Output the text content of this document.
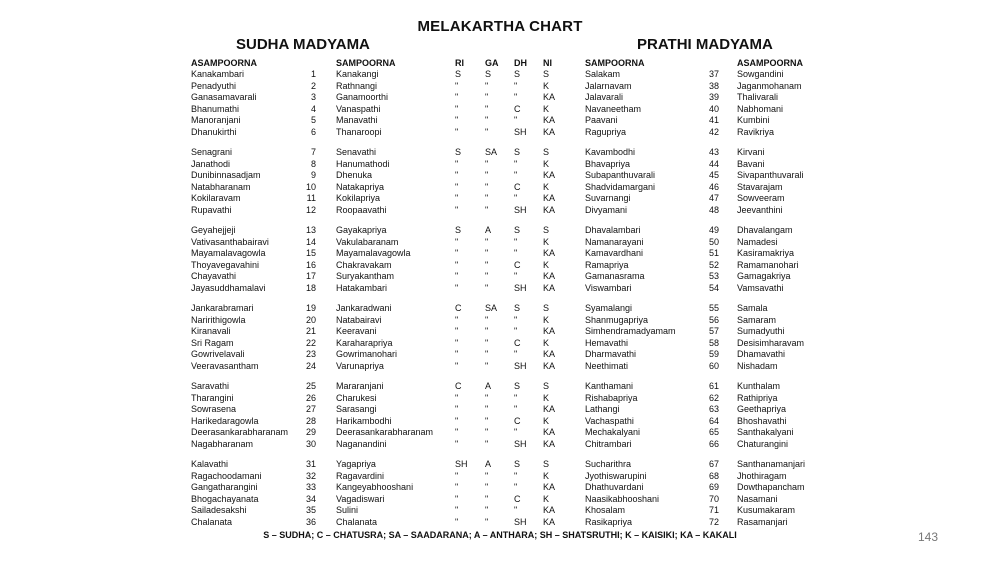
MELAKARTHA CHART
SUDHA MADYAMA	PRATHI MADYAMA
ASAMPOORNA	SAMPOORNA	RI GA DH NI	SAMPOORNA	ASAMPOORNA
Kanakambari	1 Kanakangi	S	S	S	S	Salakam	37 Sowgandini
Penadyuthi	2 Rathnangi	"	"	"	K	Jalarnavam	38 Jaganmohanam
Ganasamavarali	3 Ganamoorthi	"	"	"	KA	Jalavarali	39 Thalivarali
Bhanumathi	4 Vanaspathi	"	"	C	K	Navaneetham	40 Nabhomani
Manoranjani	5 Manavathi	"	"	"	KA	Paavani	41 Kumbini
Dhanukirthi	6 Thanaroopi	"	"	SH KA	Ragupriya	42 Ravikriya
Senagrani	7 Senavathi	S	SA S	S	Kavambodhi	43 Kirvani
Janathodi	8 Hanumathodi	"	"	"	K	Bhavapriya	44 Bavani
Dunibinnasadjam	9 Dhenuka	"	"	"	KA	Subapanthuvarali	45 Sivapanthuvarali
Natabharanam	10 Natakapriya	"	"	C	K	Shadvidamargani	46 Stavarajam
Kokilaravam	11 Kokilapriya	"	"	"	KA	Suvarnangi	47 Sowveeram
Rupavathi	12 Roopaavathi	"	"	SH KA	Divyamani	48 Jeevanthini
Geyahejjeji	13 Gayakapriya	S	A	S	S	Dhavalambari	49 Dhavalangam
Vativasanthabairavi	14 Vakulabaranam	"	"	"	K	Namanarayani	50 Namadesi
Mayamalavagowla	15 Mayamalavagowla	"	"	"	KA	Kamavardhani	51 Kasiramakriya
Thoyavegavahini	16 Chakravakam	"	"	C	K	Ramapriya	52 Ramamanohari
Chayavathi	17 Suryakantham	"	"	"	KA	Gamanasrama	53 Gamagakriya
Jayasuddhamalavi	18 Hatakambari	"	"	SH KA	Viswambari	54 Vamsavathi
Jankarabramari	19 Jankaradwani	C	SA S	S	Syamalangi	55 Samala
Naririthigowla	20 Natabairavi	"	"	"	K	Shanmugapriya	56 Samaram
Kiranavali	21 Keeravani	"	"	"	KA	Simhendramadyamam	57 Sumadyuthi
Sri Ragam	22 Karaharapriya	"	"	C	K	Hemavathi	58 Desisimharavam
Gowrivelavali	23 Gowrimanohari	"	"	"	KA	Dharmavathi	59 Dhamavathi
Veeravasantham	24 Varunapriya	"	"	SH KA	Neethimati	60 Nishadam
Saravathi	25 Mararanjani	C	A	S	S	Kanthamani	61 Kunthalam
Tharangini	26 Charukesi	"	"	"	K	Rishabapriya	62 Rathipriya
Sowrasena	27 Sarasangi	"	"	"	KA	Lathangi	63 Geethapriya
Harikedaragowla	28 Harikambodhi	"	"	C	K	Vachaspathi	64 Bhoshavathi
Deerasankarabharanam	29 Deerasankarabharanam "	"	"	KA	Mechakalyani	65 Santhakalyani
Nagabharanam	30 Naganandini	"	"	SH KA	Chitrambari	66 Chaturangini
Kalavathi	31 Yagapriya	SH A	S	S	Sucharithra	67 Santhanamanjari
Ragachoodamani	32 Ragavardini	"	"	"	K	Jyothiswarupini	68 Jhothiragam
Gangatharangini	33 Kangeyabhooshani	"	"	"	KA	Dhathuvardani	69 Dowthapancham
Bhogachayanata	34 Vagadiswari	"	"	C	K	Naasikabhooshani	70 Nasamani
Sailadesakshi	35 Sulini	"	"	"	KA	Khosalam	71 Kusumakaram
Chalanata	36 Chalanata	"	"	SH KA	Rasikapriya	72 Rasamanjari
S – SUDHA; C – CHATUSRA; SA – SAADARANA; A – ANTHARA; SH – SHATSRUTHI; K – KAISIKI; KA – KAKALI	143
